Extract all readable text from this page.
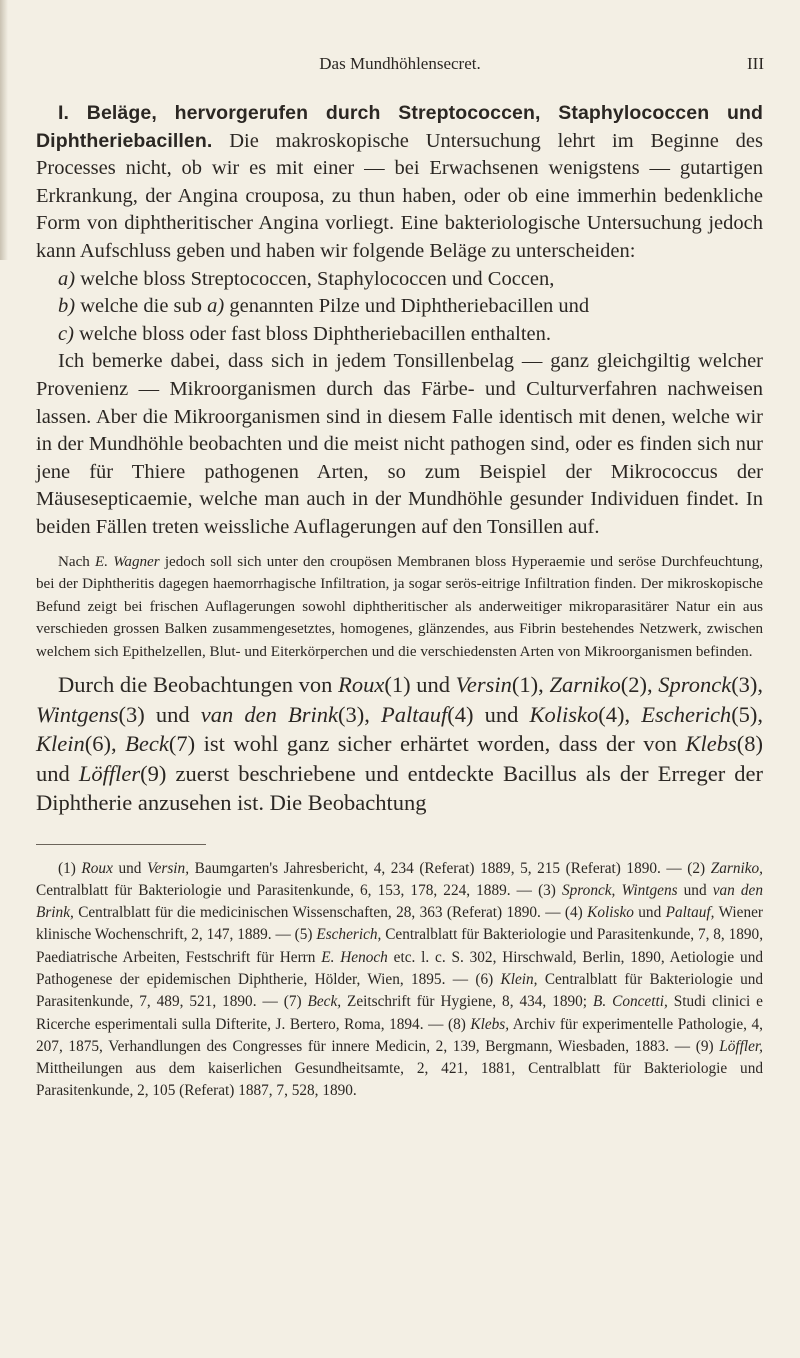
Das Mundhöhlensecret.	III

I. Beläge, hervorgerufen durch Streptococcen, Staphylococcen und Diphtheriebacillen. Die makroskopische Untersuchung lehrt im Beginne des Processes nicht, ob wir es mit einer — bei Erwachsenen wenigstens — gutartigen Erkrankung, der Angina crouposa, zu thun haben, oder ob eine immerhin bedenkliche Form von diphtheritischer Angina vorliegt. Eine bakteriologische Untersuchung jedoch kann Aufschluss geben und haben wir folgende Beläge zu unterscheiden:

a) welche bloss Streptococcen, Staphylococcen und Coccen,

b) welche die sub a) genannten Pilze und Diphtheriebacillen und

c) welche bloss oder fast bloss Diphtheriebacillen enthalten.

Ich bemerke dabei, dass sich in jedem Tonsillenbelag — ganz gleichgiltig welcher Provenienz — Mikroorganismen durch das Färbe- und Culturverfahren nachweisen lassen. Aber die Mikroorganismen sind in diesem Falle identisch mit denen, welche wir in der Mundhöhle beobachten und die meist nicht pathogen sind, oder es finden sich nur jene für Thiere pathogenen Arten, so zum Beispiel der Mikrococcus der Mäusesepticaemie, welche man auch in der Mundhöhle gesunder Individuen findet. In beiden Fällen treten weissliche Auflagerungen auf den Tonsillen auf.

Nach E. Wagner jedoch soll sich unter den croupösen Membranen bloss Hyperaemie und seröse Durchfeuchtung, bei der Diphtheritis dagegen haemorrhagische Infiltration, ja sogar serös-eitrige Infiltration finden. Der mikroskopische Befund zeigt bei frischen Auflagerungen sowohl diphtheritischer als anderweitiger mikroparasitärer Natur ein aus verschieden grossen Balken zusammengesetztes, homogenes, glänzendes, aus Fibrin bestehendes Netzwerk, zwischen welchem sich Epithelzellen, Blut- und Eiterkörperchen und die verschiedensten Arten von Mikroorganismen befinden.

Durch die Beobachtungen von Roux(1) und Versin(1), Zarniko(2), Spronck(3), Wintgens(3) und van den Brink(3), Paltauf(4) und Kolisko(4), Escherich(5), Klein(6), Beck(7) ist wohl ganz sicher erhärtet worden, dass der von Klebs(8) und Löffler(9) zuerst beschriebene und entdeckte Bacillus als der Erreger der Diphtherie anzusehen ist. Die Beobachtung

(1) Roux und Versin, Baumgarten's Jahresbericht, 4, 234 (Referat) 1889, 5, 215 (Referat) 1890. — (2) Zarniko, Centralblatt für Bakteriologie und Parasitenkunde, 6, 153, 178, 224, 1889. — (3) Spronck, Wintgens und van den Brink, Centralblatt für die medicinischen Wissenschaften, 28, 363 (Referat) 1890. — (4) Kolisko und Paltauf, Wiener klinische Wochenschrift, 2, 147, 1889. — (5) Escherich, Centralblatt für Bakteriologie und Parasitenkunde, 7, 8, 1890, Paediatrische Arbeiten, Festschrift für Herrn E. Henoch etc. l. c. S. 302, Hirschwald, Berlin, 1890, Aetiologie und Pathogenese der epidemischen Diphtherie, Hölder, Wien, 1895. — (6) Klein, Centralblatt für Bakteriologie und Parasitenkunde, 7, 489, 521, 1890. — (7) Beck, Zeitschrift für Hygiene, 8, 434, 1890; B. Concetti, Studi clinici e Ricerche esperimentali sulla Difterite, J. Bertero, Roma, 1894. — (8) Klebs, Archiv für experimentelle Pathologie, 4, 207, 1875, Verhandlungen des Congresses für innere Medicin, 2, 139, Bergmann, Wiesbaden, 1883. — (9) Löffler, Mittheilungen aus dem kaiserlichen Gesundheitsamte, 2, 421, 1881, Centralblatt für Bakteriologie und Parasitenkunde, 2, 105 (Referat) 1887, 7, 528, 1890.
